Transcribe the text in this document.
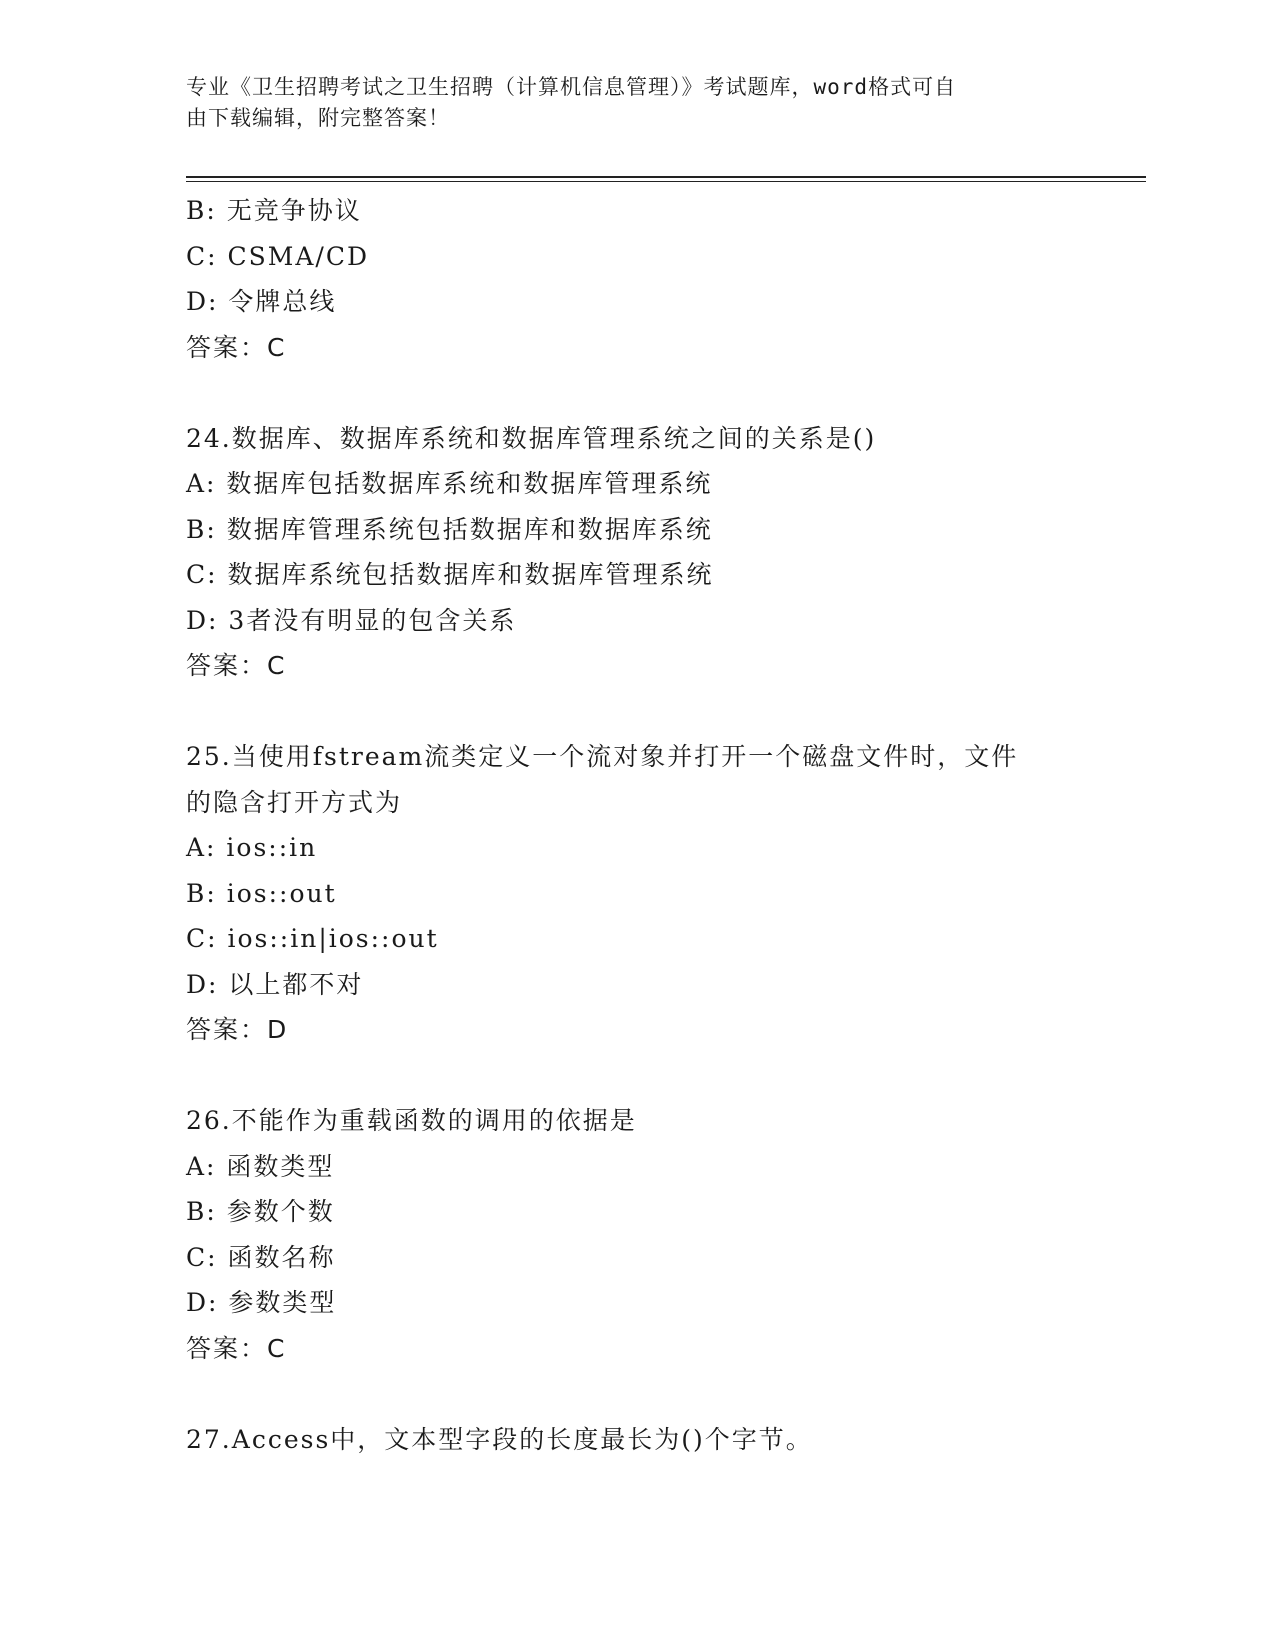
专业《卫生招聘考试之卫生招聘（计算机信息管理）》考试题库，word格式可自
由下载编辑，附完整答案！
B: 无竞争协议
C: CSMA/CD
D: 令牌总线
答案：C
24.数据库、数据库系统和数据库管理系统之间的关系是()
A: 数据库包括数据库系统和数据库管理系统
B: 数据库管理系统包括数据库和数据库系统
C: 数据库系统包括数据库和数据库管理系统
D: 3者没有明显的包含关系
答案：C
25.当使用fstream流类定义一个流对象并打开一个磁盘文件时，文件
的隐含打开方式为
A: ios::in
B: ios::out
C: ios::in|ios::out
D: 以上都不对
答案：D
26.不能作为重载函数的调用的依据是
A: 函数类型
B: 参数个数
C: 函数名称
D: 参数类型
答案：C
27.Access中，文本型字段的长度最长为()个字节。
